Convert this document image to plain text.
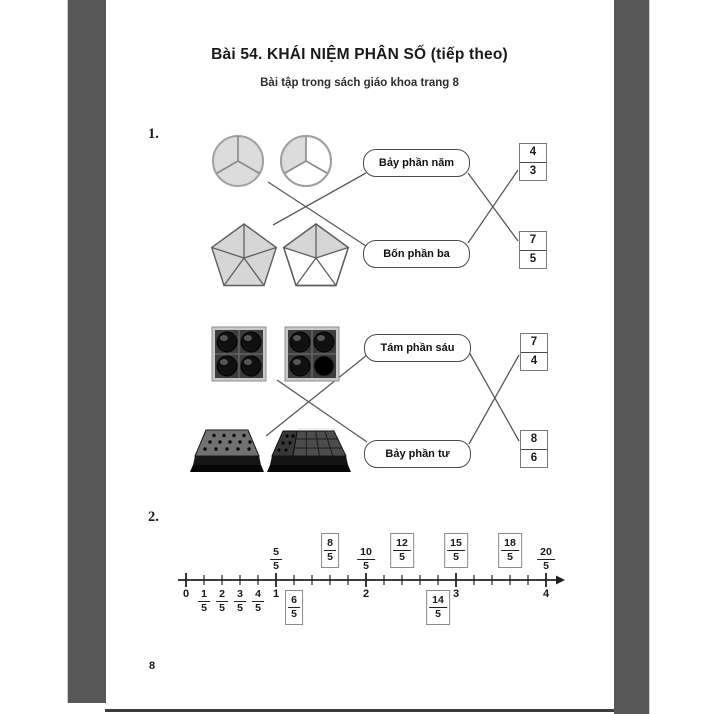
Bài 54. KHÁI NIỆM PHÂN SỐ (tiếp theo)
Bài tập trong sách giáo khoa trang 8
1.
2.
Bảy phần năm
Bốn phần ba
Tám phần sáu
Bảy phần tư
$\frac{4}{3}$
$\frac{7}{5}$
$\frac{7}{4}$
$\frac{8}{6}$
8
0	1	2	3	4
$\frac{1}{5} \frac{2}{5} \frac{3}{5} \frac{4}{5}$
$\frac{5}{5}$
$\frac{6}{5}$
$\frac{8}{5} \frac{10}{5} \frac{12}{5}$
$\frac{14}{5}$
$\frac{15}{5}$	$\frac{18}{5} \frac{20}{5}$
